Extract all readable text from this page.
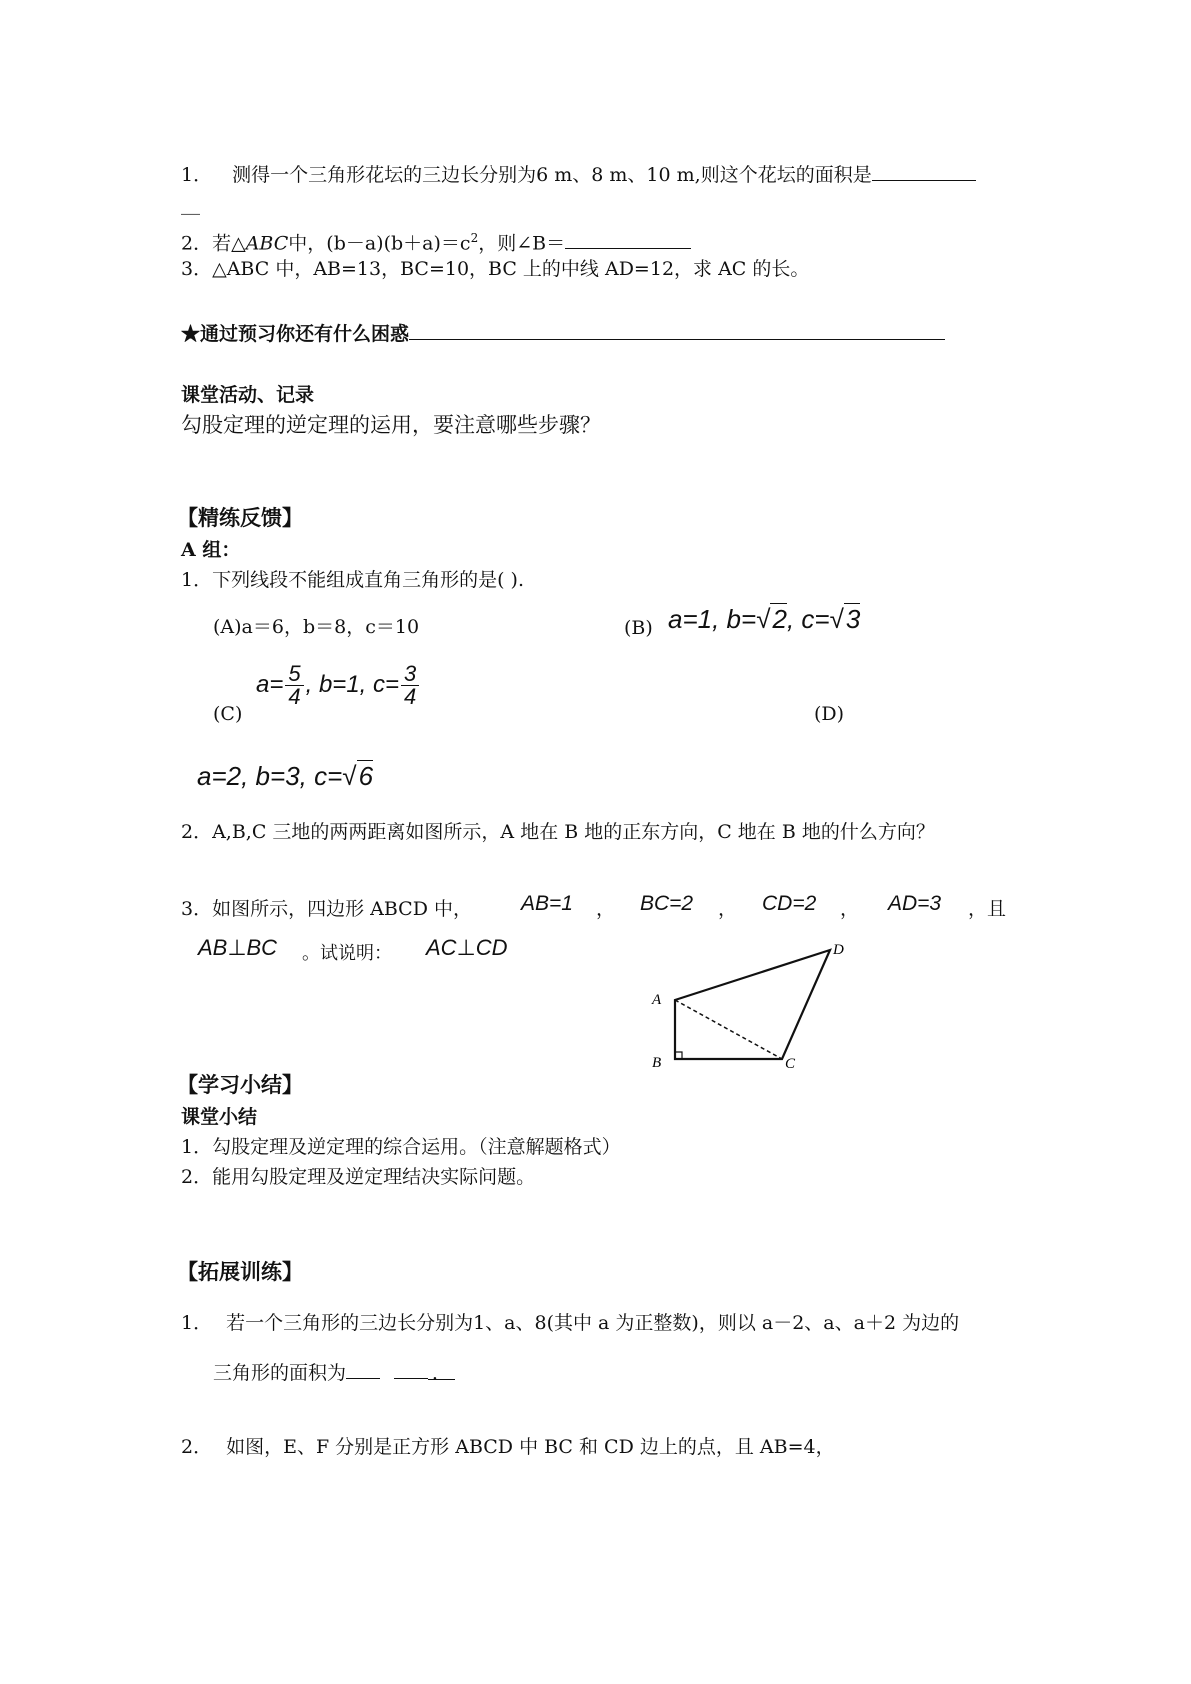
1． 测得一个三角形花坛的三边长分别为6 m、8 m、10 m,则这个花坛的面积是
__
2．若△ABC中，$(b-a)(b+a)=c^2$，则∠B＝
3．△ABC 中，AB=13，BC=10，BC 上的中线 AD=12，求 AC 的长。
★通过预习你还有什么困惑
课堂活动、记录
勾股定理的逆定理的运用，要注意哪些步骤？
【精练反馈】
A 组：
1．下列线段不能组成直角三角形的是( ).
(A)a＝6，b＝8，c＝10	(B) a=1, b=√2, c=√3
(C)
$a= \frac{5}{4}$ , b=1, $c= \frac{3}{4}$
(D)
a=2, b=3, c=√6
2．A,B,C 三地的两两距离如图所示，A 地在 B 地的正东方向，C 地在 B 地的什么方向？
3．如图所示，四边形 ABCD 中， AB=1 ， BC=2 ， CD=2 ， AD=3 ，且
AB⊥BC 。试说明： AC⊥CD
A
B	C
D
【学习小结】
课堂小结
1．勾股定理及逆定理的综合运用。（注意解题格式）
2．能用勾股定理及逆定理结决实际问题。
【拓展训练】
1． 若一个三角形的三边长分别为1、a、8(其中 a 为正整数)，则以 a－2、a、a＋2 为边的
三角形的面积为	．
2． 如图，E、F 分别是正方形 ABCD 中 BC 和 CD 边上的点，且 AB=4，
